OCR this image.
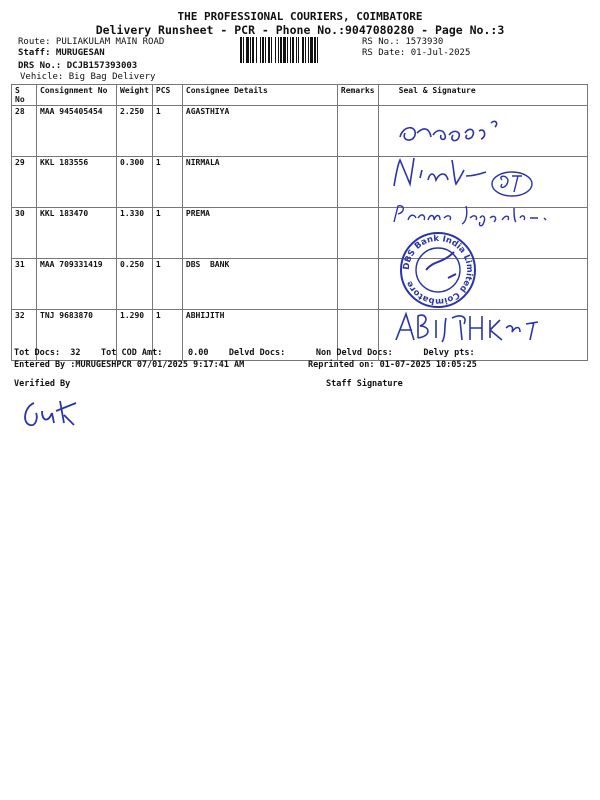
THE PROFESSIONAL COURIERS, COIMBATORE
Delivery Runsheet - PCR - Phone No.:9047080280 - Page No.:3
Route: PULIAKULAM MAIN ROAD
Staff: MURUGESAN
DRS No.: DCJB157393003
Vehicle: Big Bag Delivery
RS No.: 1573930
RS Date: 01-Jul-2025
S No	Consignment No	Weight	PCS	Consignee Details	Remarks	Seal & Signature
28	MAA 945405454	2.250	1	AGASTHIYA		
29	KKL 183556	0.300	1	NIRMALA		
30	KKL 183470	1.330	1	PREMA		
31	MAA 709331419	0.250	1	DBS  BANK		
32	TNJ 9683870	1.290	1	ABHIJITH		
DBS Bank India Limited Coimbatore
Tot Docs:  32    Tot COD Amt:     0.00    Delvd Docs:      Non Delvd Docs:      Delvy pts:
Entered By :MURUGESHPCR 07/01/2025 9:17:41 AM	Reprinted on: 01-07-2025 10:05:25
Verified By	Staff Signature
